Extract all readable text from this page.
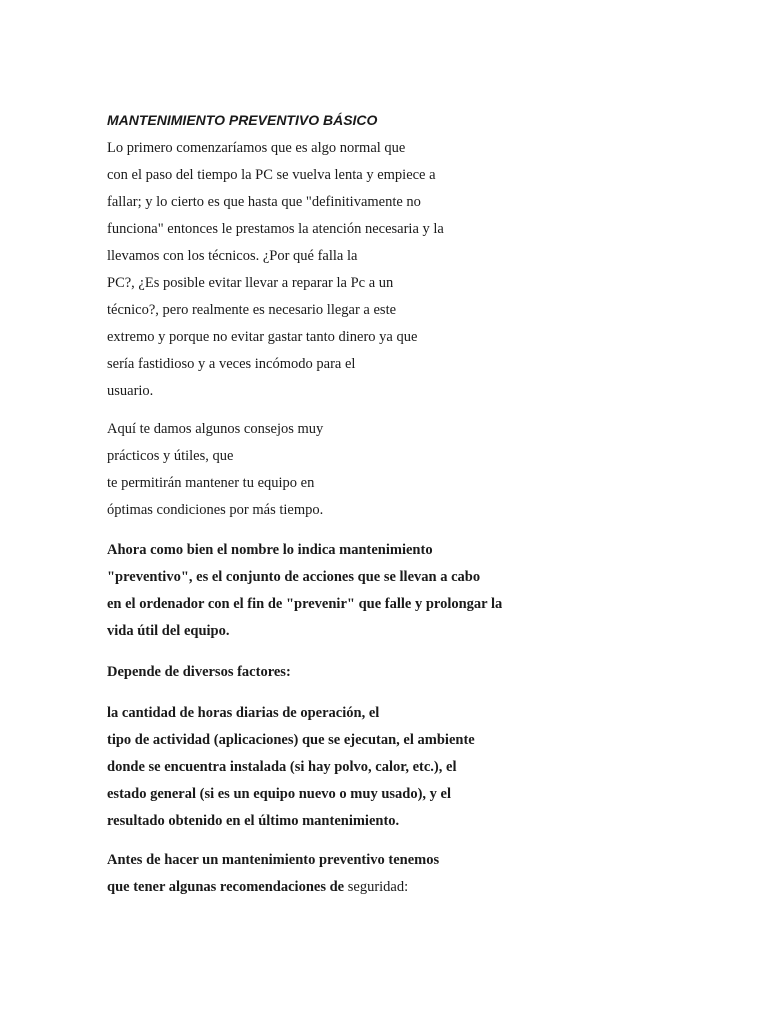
MANTENIMIENTO PREVENTIVO BÁSICO

Lo primero comenzaríamos que es algo normal que
con el paso del tiempo la PC se vuelva lenta y empiece a
fallar; y lo cierto es que hasta que "definitivamente no
funciona" entonces le prestamos la atención necesaria y la
llevamos con los técnicos. ¿Por qué falla la
PC?, ¿Es posible evitar llevar a reparar la Pc a un
técnico?, pero realmente es necesario llegar a este
extremo y porque no evitar gastar tanto dinero ya que
sería fastidioso y a veces incómodo para el
usuario.

Aquí te damos algunos consejos muy
prácticos y útiles, que
te permitirán mantener tu equipo en
óptimas condiciones por más tiempo.

Ahora como bien el nombre lo indica mantenimiento
"preventivo", es el conjunto de acciones que se llevan a cabo
en el ordenador con el fin de "prevenir" que falle y prolongar la
vida útil del equipo.

Depende de diversos factores:

la cantidad de horas diarias de operación, el
tipo de actividad (aplicaciones) que se ejecutan, el ambiente
donde se encuentra instalada (si hay polvo, calor, etc.), el
estado general (si es un equipo nuevo o muy usado), y el
resultado obtenido en el último mantenimiento.

Antes de hacer un mantenimiento preventivo tenemos
que tener algunas recomendaciones de seguridad:
